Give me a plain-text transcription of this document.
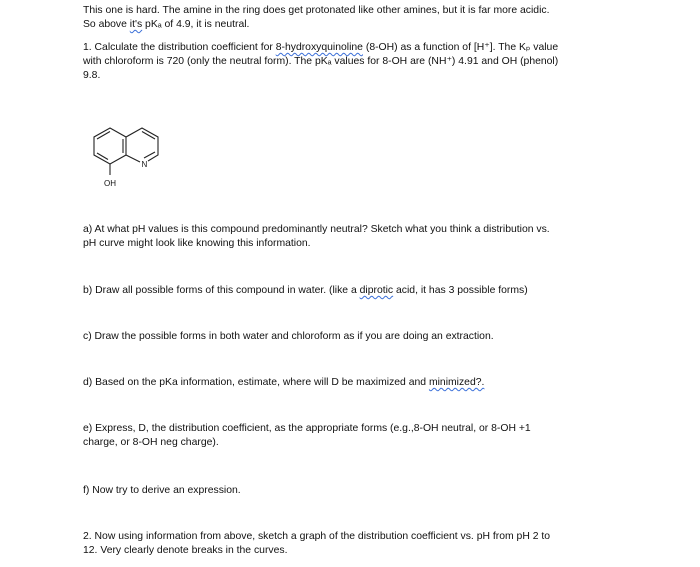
This one is hard. The amine in the ring does get protonated like other amines, but it is far more acidic.
So above it's pKₐ of 4.9, it is neutral.
1. Calculate the distribution coefficient for 8-hydroxyquinoline (8-OH) as a function of [H⁺]. The Kₚ value
with chloroform is 720 (only the neutral form). The pKₐ values for 8-OH are (NH⁺) 4.91 and OH (phenol)
9.8.
N
OH
a) At what pH values is this compound predominantly neutral? Sketch what you think a distribution vs.
pH curve might look like knowing this information.
b) Draw all possible forms of this compound in water. (like a diprotic acid, it has 3 possible forms)
c) Draw the possible forms in both water and chloroform as if you are doing an extraction.
d) Based on the pKa information, estimate, where will D be maximized and minimized?.
e) Express, D, the distribution coefficient, as the appropriate forms (e.g.,8-OH neutral, or 8-OH +1
charge, or 8-OH neg charge).
f) Now try to derive an expression.
2. Now using information from above, sketch a graph of the distribution coefficient vs. pH from pH 2 to
12. Very clearly denote breaks in the curves.
